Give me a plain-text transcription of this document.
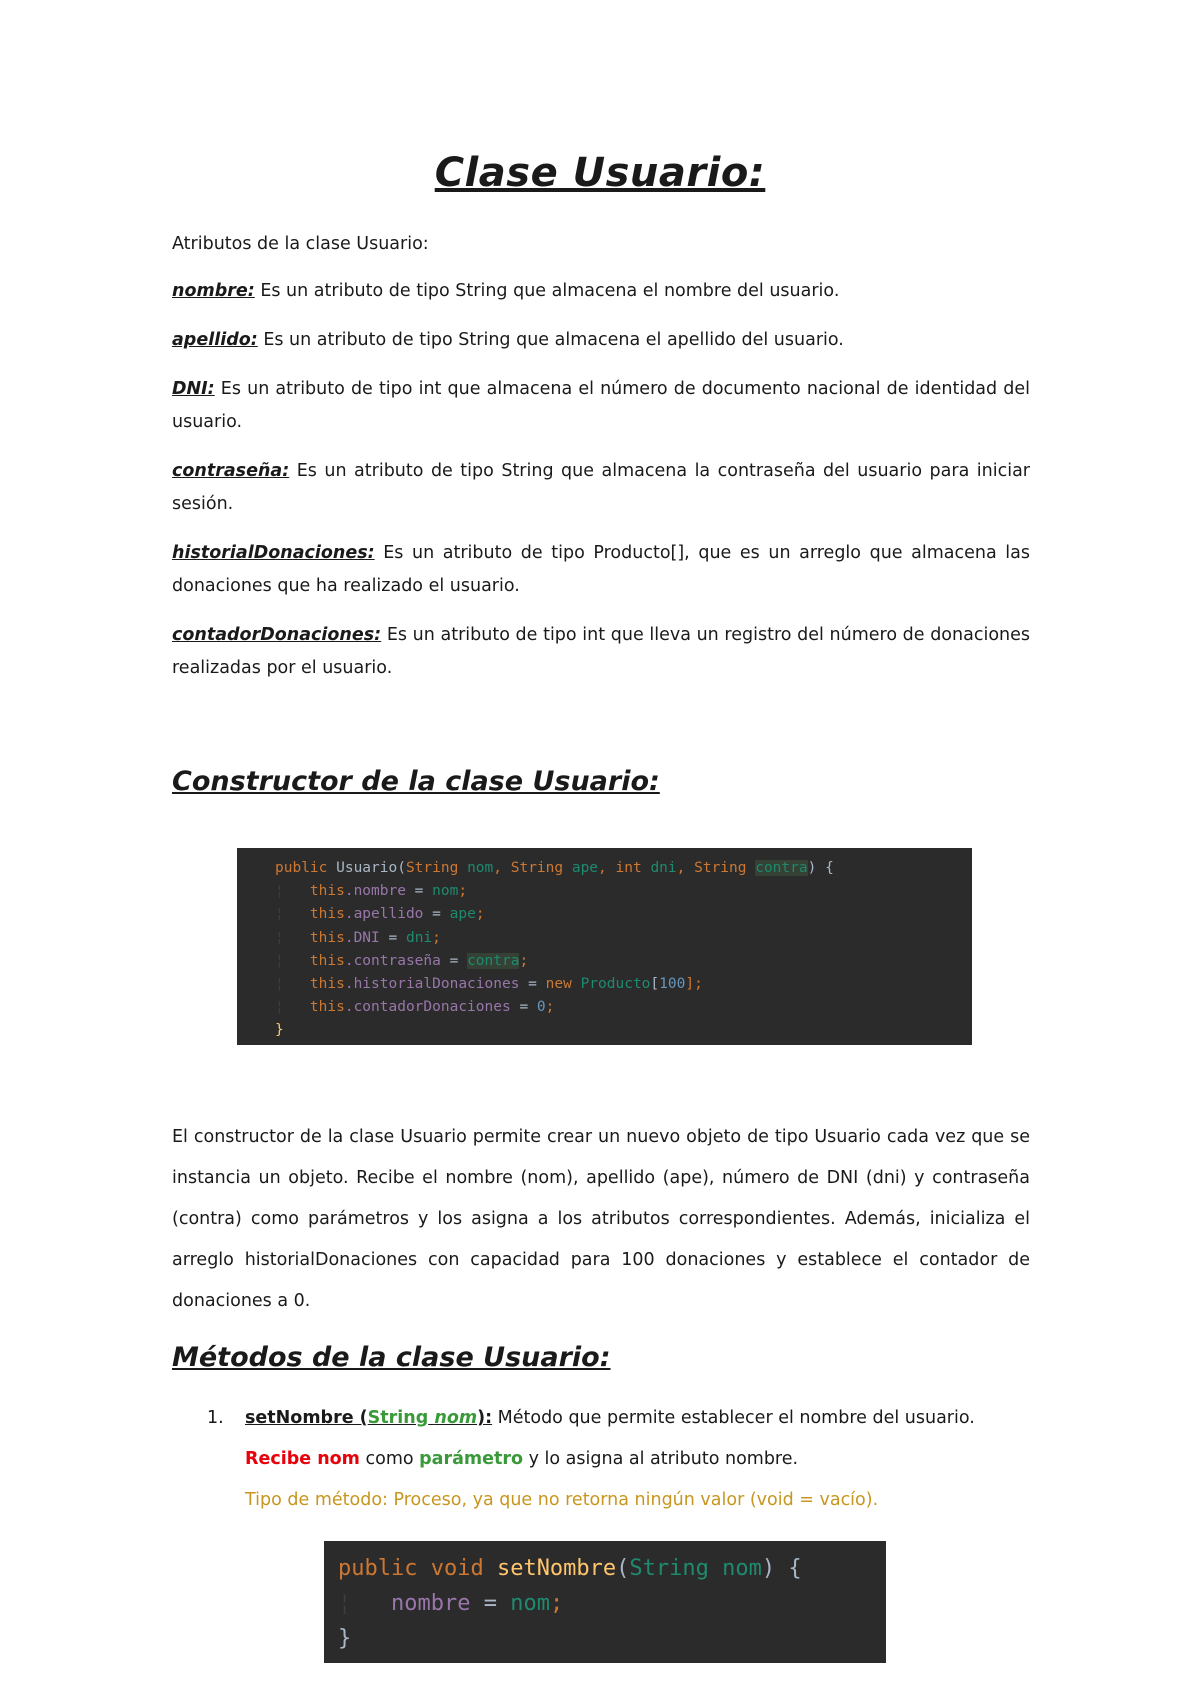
Clase Usuario:
Atributos de la clase Usuario:
nombre: Es un atributo de tipo String que almacena el nombre del usuario.
apellido: Es un atributo de tipo String que almacena el apellido del usuario.
DNI: Es un atributo de tipo int que almacena el número de documento nacional de identidad del usuario.
contraseña: Es un atributo de tipo String que almacena la contraseña del usuario para iniciar sesión.
historialDonaciones: Es un atributo de tipo Producto[], que es un arreglo que almacena las donaciones que ha realizado el usuario.
contadorDonaciones: Es un atributo de tipo int que lleva un registro del número de donaciones realizadas por el usuario.
Constructor de la clase Usuario:
public Usuario(String nom, String ape, int dni, String contra) {
¦   this.nombre = nom;
¦   this.apellido = ape;
¦   this.DNI = dni;
¦   this.contraseña = contra;
¦   this.historialDonaciones = new Producto[100];
¦   this.contadorDonaciones = 0;
}
El constructor de la clase Usuario permite crear un nuevo objeto de tipo Usuario cada vez que se instancia un objeto. Recibe el nombre (nom), apellido (ape), número de DNI (dni) y contraseña (contra) como parámetros y los asigna a los atributos correspondientes. Además, inicializa el arreglo historialDonaciones con capacidad para 100 donaciones y establece el contador de donaciones a 0.
Métodos de la clase Usuario:
1. setNombre (String nom): Método que permite establecer el nombre del usuario.
Recibe nom como parámetro y lo asigna al atributo nombre.
Tipo de método: Proceso, ya que no retorna ningún valor (void = vacío).
public void setNombre(String nom) {
¦   nombre = nom;
}
